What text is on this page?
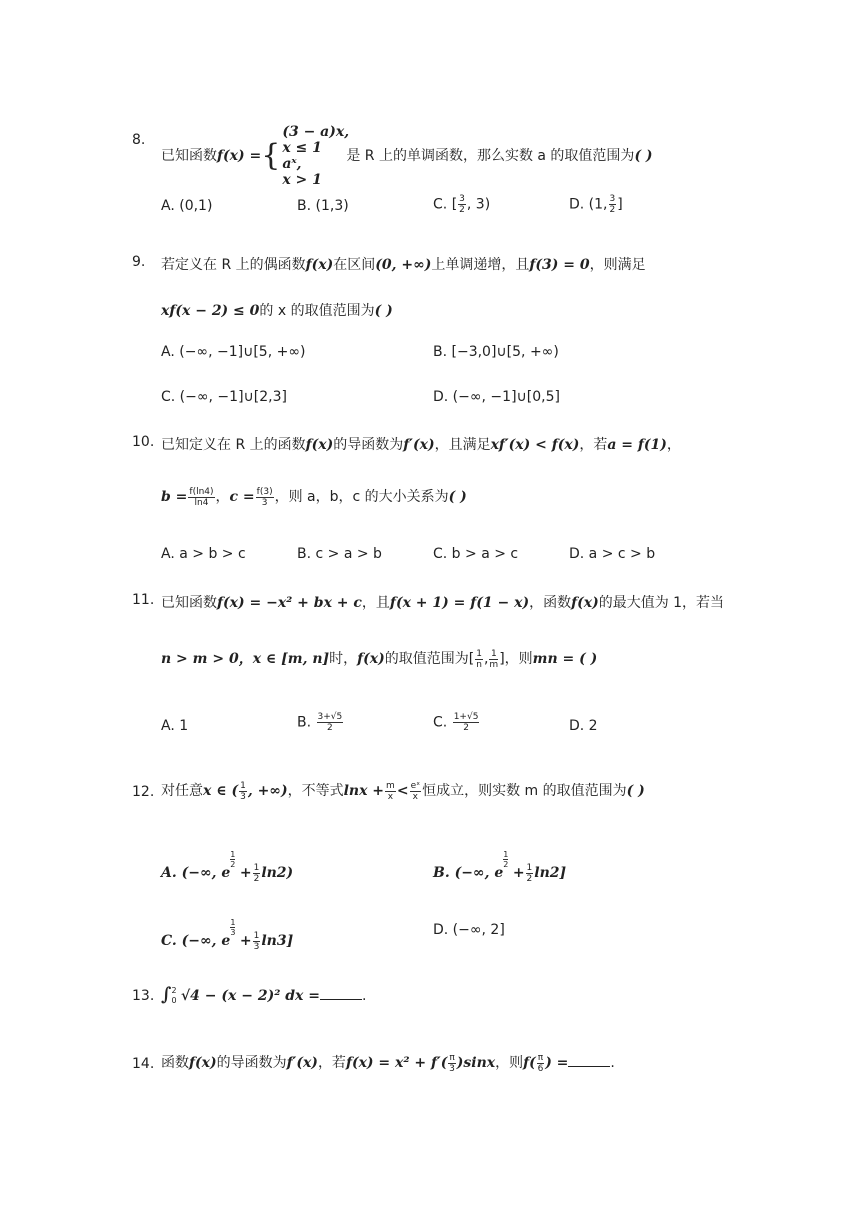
8.
已知函数f(x) ={
(3 − a)x,
x ≤ 1
aˣ,
x > 1
是 R 上的单调函数，那么实数 a 的取值范围为( )
A. (0,1)	B. (1,3)	C. [ $\frac{3}{2}$ , 3)	D. (1, $\frac{3}{2}$ ]
9.	若定义在 R 上的偶函数f(x)在区间(0, +∞)上单调递增，且f(3) = 0，则满足
xf(x − 2) ≤ 0的 x 的取值范围为( )
A. (−∞, −1]∪[5, +∞)	B. [−3,0]∪[5, +∞)
C. (−∞, −1]∪[2,3]	D. (−∞, −1]∪[0,5]
10. 已知定义在 R 上的函数f(x)的导函数为f′(x)，且满足xf′(x) < f(x)，若a = f(1)，
$b = \frac{f(\ln 4)}{\ln 4}$ ，$c = \frac{f(3)}{3}$ ，则 a，b，c 的大小关系为( )
A. a > b > c	B. c > a > b	C. b > a > c	D. a > c > b
11. 已知函数f(x) = −x² + bx + c，且f(x + 1) = f(1 − x)，函数f(x)的最大值为 1，若当
n > m > 0，x ∈ [m, n]时，f(x)的取值范围为[ $\frac{1}{n}$ , $\frac{1}{m}$ ]，则mn = ( )
A. 1	B. $\frac{3+√5}{2}$	C. $\frac{1+√5}{2}$	D. 2
12. 对任意x ∈ ( $\frac{1}{3}$ , +∞)，不等式$\ln x + \frac{m}{x} < \frac{\text{eˣ}}{x}$ 恒成立，则实数 m 的取值范围为( )
A. (−∞, e
$\frac{1}{2}$
+ $\frac{1}{2} \ln 2$)	B. (−∞, e
$\frac{1}{2}$
+ $\frac{1}{2} \ln 2$]
C. (−∞, e
$\frac{1}{3}$
+ $\frac{1}{3} \ln 3$]
D. (−∞, 2]
13. ∫ 2
0 √4 − (x − 2)² dx =	.
14. 函数f(x)的导函数为f′(x)，若$f(x) = x^2 + f'( \frac{\pi}{3} )\sin x$，则$f( \frac{\pi}{6}$ ) =	.
